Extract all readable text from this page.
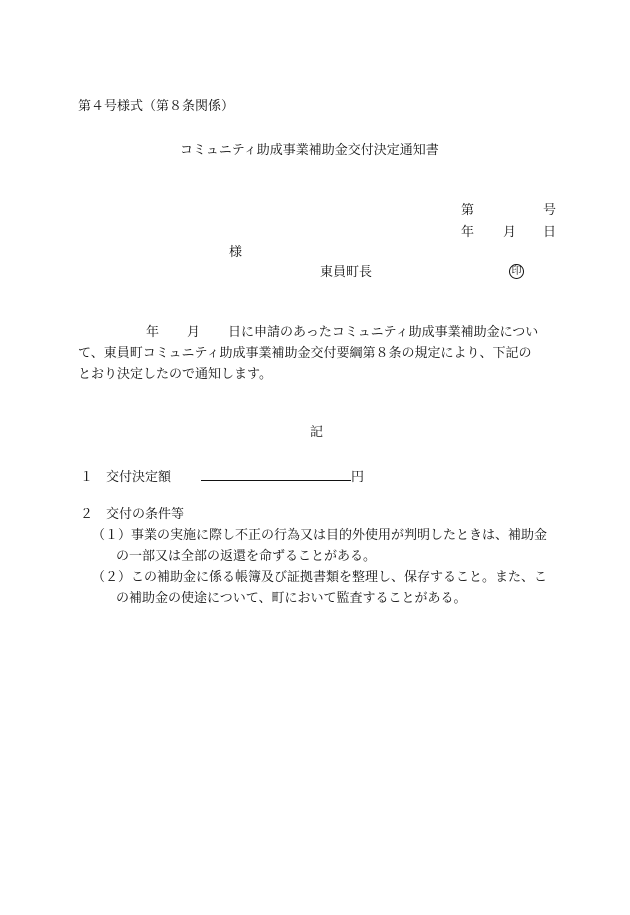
第４号様式（第８条関係）
コミュニティ助成事業補助金交付決定通知書
第	号
年 月 日
様
東員町長	印
年 月 日に申請のあったコミュニティ助成事業補助金につい
て、東員町コミュニティ助成事業補助金交付要綱第８条の規定により、下記の
とおり決定したので通知します。
記
１　交付決定額	円
２　交付の条件等
（１）事業の実施に際し不正の行為又は目的外使用が判明したときは、補助金
の一部又は全部の返還を命ずることがある。
（２）この補助金に係る帳簿及び証拠書類を整理し、保存すること。また、こ
の補助金の使途について、町において監査することがある。
